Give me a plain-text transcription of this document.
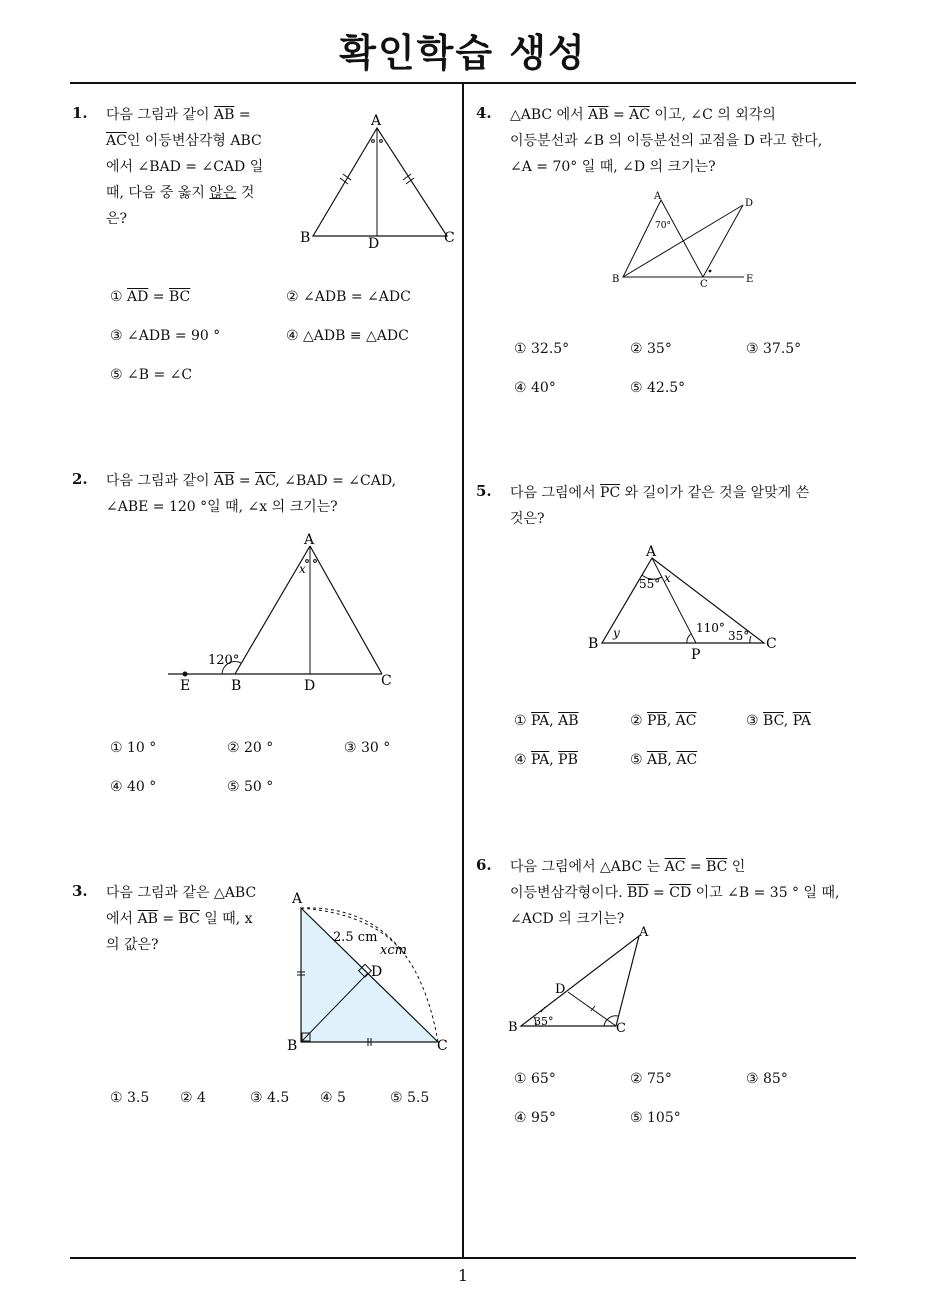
확인학습 생성
1
1. 다음 그림과 같이 $\overline{AB}$ =
$\overline{AC}$인 이등변삼각형 ABC
에서 ∠BAD = ∠CAD 일
때, 다음 중 옳지 않은 것
은?
A
B	C
D
① $\overline{AD} = \overline{BC}$	② ∠ADB = ∠ADC
③ ∠ADB = 90 °	④ △ADB ≡ △ADC
⑤ ∠B = ∠C
2. 다음 그림과 같이 $\overline{AB} = \overline{AC}$, ∠BAD = ∠CAD,
∠ABE = 120 °일 때, ∠x 의 크기는?
A
x
120°
E	B	D	C
① 10 °	② 20 °	③ 30 °
④ 40 °	⑤ 50 °
3. 다음 그림과 같은 △ABC
에서 $\overline{AB} = \overline{BC}$ 일 때, x
의 값은?
A
2.5 cm
xcm
D
B	C
① 3.5 ② 4	③ 4.5 ④ 5	⑤ 5.5
4. △ABC 에서 $\overline{AB} = \overline{AC}$ 이고, ∠C 의 외각의
이등분선과 ∠B 의 이등분선의 교점을 D 라고 한다,
∠A = 70° 일 때, ∠D 의 크기는?
A
70°
D
B	C	E
① 32.5°	② 35°	③ 37.5°
④ 40°	⑤ 42.5°
5. 다음 그림에서 $\overline{PC}$ 와 길이가 같은 것을 알맞게 쓴
것은?
A
55° x
y	110°
35°
B
P
C
① $\overline{PA}$, $\overline{AB}$	② $\overline{PB}$, $\overline{AC}$	③ $\overline{BC}$, $\overline{PA}$
④ $\overline{PA}$, $\overline{PB}$	⑤ $\overline{AB}$, $\overline{AC}$
6. 다음 그림에서 △ABC 는 $\overline{AC} = \overline{BC}$ 인
이등변삼각형이다. $\overline{BD} = \overline{CD}$ 이고 ∠B = 35 ° 일 때,
∠ACD 의 크기는?
A
D
B 35°	C
① 65°	② 75°	③ 85°
④ 95°	⑤ 105°
